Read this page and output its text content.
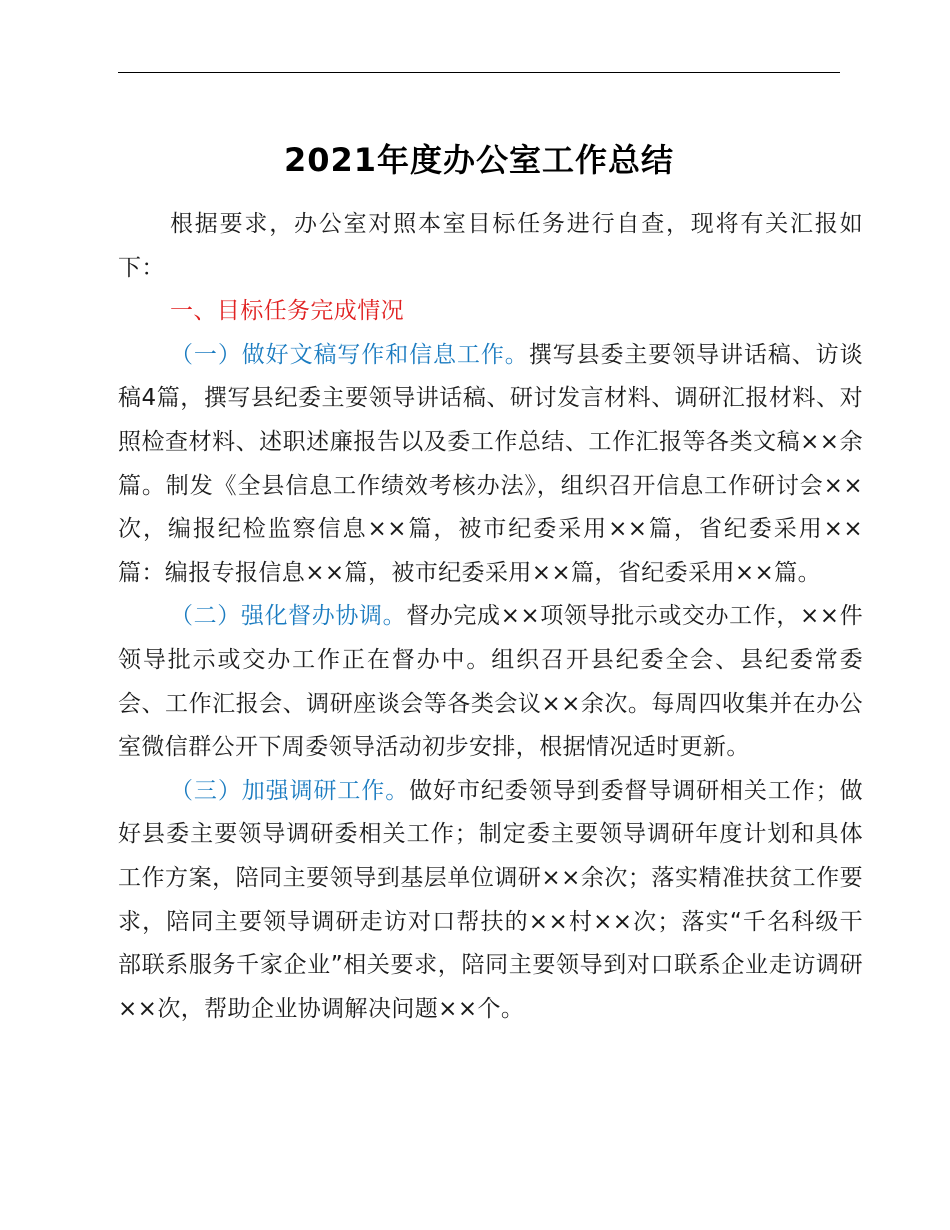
2021年度办公室工作总结

根据要求，办公室对照本室目标任务进行自查，现将有关汇报如下：

一、目标任务完成情况

（一）做好文稿写作和信息工作。撰写县委主要领导讲话稿、访谈稿4篇，撰写县纪委主要领导讲话稿、研讨发言材料、调研汇报材料、对照检查材料、述职述廉报告以及委工作总结、工作汇报等各类文稿××余篇。制发《全县信息工作绩效考核办法》，组织召开信息工作研讨会××次，编报纪检监察信息××篇，被市纪委采用××篇，省纪委采用××篇：编报专报信息××篇，被市纪委采用××篇，省纪委采用××篇。

（二）强化督办协调。督办完成××项领导批示或交办工作，××件领导批示或交办工作正在督办中。组织召开县纪委全会、县纪委常委会、工作汇报会、调研座谈会等各类会议××余次。每周四收集并在办公室微信群公开下周委领导活动初步安排，根据情况适时更新。

（三）加强调研工作。做好市纪委领导到委督导调研相关工作；做好县委主要领导调研委相关工作；制定委主要领导调研年度计划和具体工作方案，陪同主要领导到基层单位调研××余次；落实精准扶贫工作要求，陪同主要领导调研走访对口帮扶的××村××次；落实“千名科级干部联系服务千家企业”相关要求，陪同主要领导到对口联系企业走访调研××次，帮助企业协调解决问题××个。
